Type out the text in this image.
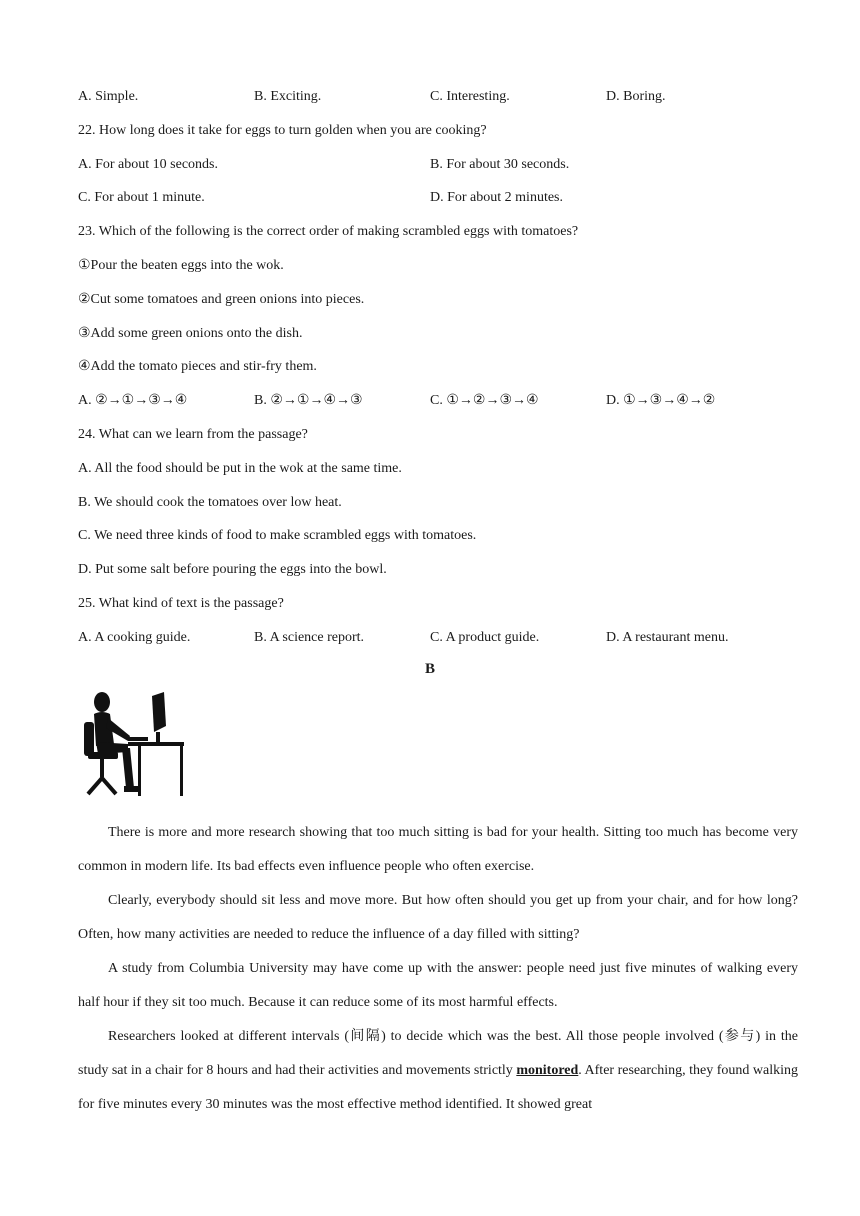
A. Simple.	B. Exciting.	C. Interesting.	D. Boring.
22. How long does it take for eggs to turn golden when you are cooking?
A. For about 10 seconds.	B. For about 30 seconds.
C. For about 1 minute.	D. For about 2 minutes.
23. Which of the following is the correct order of making scrambled eggs with tomatoes?
①Pour the beaten eggs into the wok.
②Cut some tomatoes and green onions into pieces.
③Add some green onions onto the dish.
④Add the tomato pieces and stir-fry them.
A. ②→①→③→④	B. ②→①→④→③	C. ①→②→③→④	D. ①→③→④→②
24. What can we learn from the passage?
A. All the food should be put in the wok at the same time.
B. We should cook the tomatoes over low heat.
C. We need three kinds of food to make scrambled eggs with tomatoes.
D. Put some salt before pouring the eggs into the bowl.
25. What kind of text is the passage?
A. A cooking guide.	B. A science report.	C. A product guide.	D. A restaurant menu.
B

There is more and more research showing that too much sitting is bad for your health. Sitting too much has become very common in modern life. Its bad effects even influence people who often exercise.

Clearly, everybody should sit less and move more. But how often should you get up from your chair, and for how long? Often, how many activities are needed to reduce the influence of a day filled with sitting?

A study from Columbia University may have come up with the answer: people need just five minutes of walking every half hour if they sit too much. Because it can reduce some of its most harmful effects.

Researchers looked at different intervals (间隔) to decide which was the best. All those people involved (参与) in the study sat in a chair for 8 hours and had their activities and movements strictly monitored. After researching, they found walking for five minutes every 30 minutes was the most effective method identified. It showed great
